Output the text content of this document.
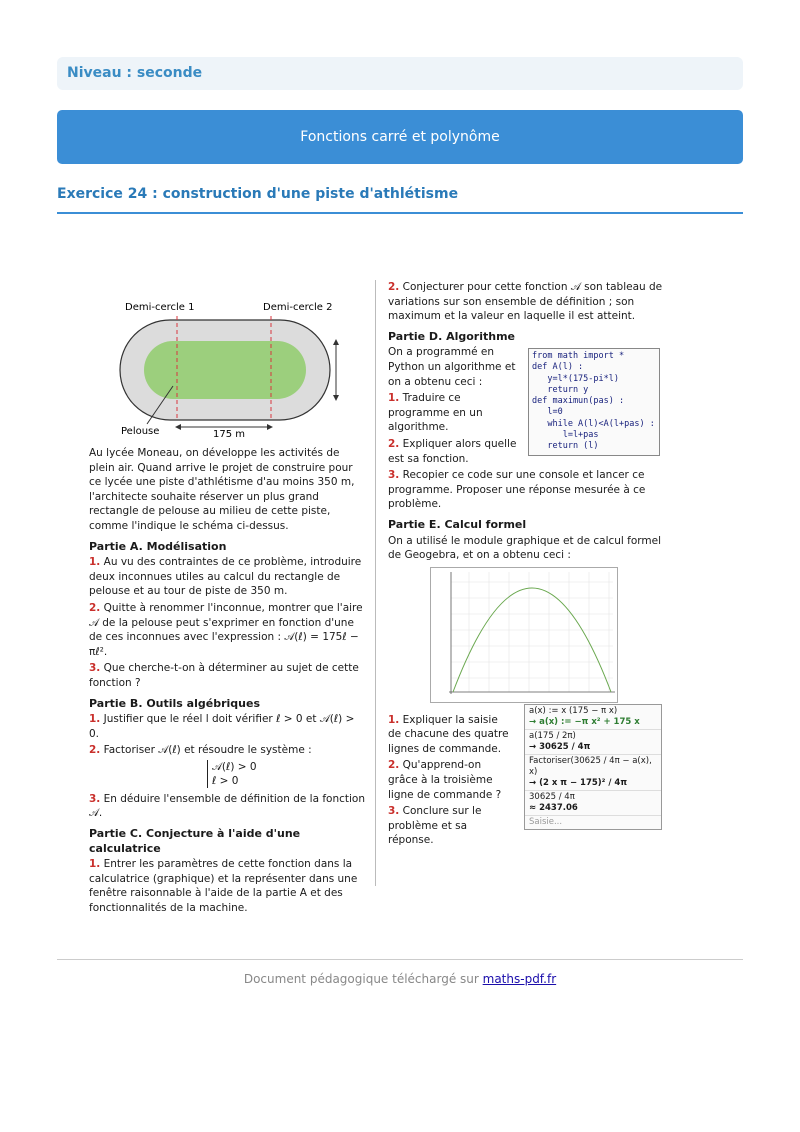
Niveau : seconde
Fonctions carré et polynôme
Exercice 24 : construction d'une piste d'athlétisme
Demi-cercle 1	Demi-cercle 2
Pelouse	175 m

Au lycée Moneau, on développe les activités de plein air. Quand arrive le projet de construire pour ce lycée une piste d'athlétisme d'au moins 350 m, l'architecte souhaite réserver un plus grand rectangle de pelouse au milieu de cette piste, comme l'indique le schéma ci-dessus.

Partie A. Modélisation

1. Au vu des contraintes de ce problème, introduire deux inconnues utiles au calcul du rectangle de pelouse et au tour de piste de 350 m.

2. Quitte à renommer l'inconnue, montrer que l'aire 𝒜 de la pelouse peut s'exprimer en fonction d'une de ces inconnues avec l'expression : 𝒜(ℓ) = 175ℓ − πℓ².

3. Que cherche-t-on à déterminer au sujet de cette fonction ?

Partie B. Outils algébriques

1. Justifier que le réel l doit vérifier ℓ > 0 et 𝒜(ℓ) > 0.

2. Factoriser 𝒜(ℓ) et résoudre le système :

𝒜(ℓ) > 0
ℓ > 0

3. En déduire l'ensemble de définition de la fonction 𝒜.

Partie C. Conjecture à l'aide d'une calculatrice

1. Entrer les paramètres de cette fonction dans la calculatrice (graphique) et la représenter dans une fenêtre raisonnable à l'aide de la partie A et des fonctionnalités de la machine.

2. Conjecturer pour cette fonction 𝒜 son tableau de variations sur son ensemble de définition ; son maximum et la valeur en laquelle il est atteint.

Partie D. Algorithme

On a programmé en Python un algorithme et on a obtenu ceci :

1. Traduire ce programme en un algorithme.

2. Expliquer alors quelle est sa fonction.

3. Recopier ce code sur une console et lancer ce programme. Proposer une réponse mesurée à ce problème.

Partie E. Calcul formel

On a utilisé le module graphique et de calcul formel de Geogebra, et on a obtenu ceci :

1. Expliquer la saisie de chacune des quatre lignes de commande.

2. Qu'apprend-on grâce à la troisième ligne de commande ?

3. Conclure sur le problème et sa réponse.

from math import *
def A(l) :
y=l*(175-pi*l)
return y
def maximun(pas) :
l=0
while A(l)<A(l+pas) :
l=l+pas
return (l)
a(x) := x (175 − π x)
→ a(x) := −π x² + 175 x
a(175 / 2π)
→ 30625 / 4π
Factoriser(30625 / 4π − a(x), x)
→ (2 x π − 175)² / 4π
30625 / 4π
≈ 2437.06
Saisie...
Document pédagogique téléchargé sur maths-pdf.fr
